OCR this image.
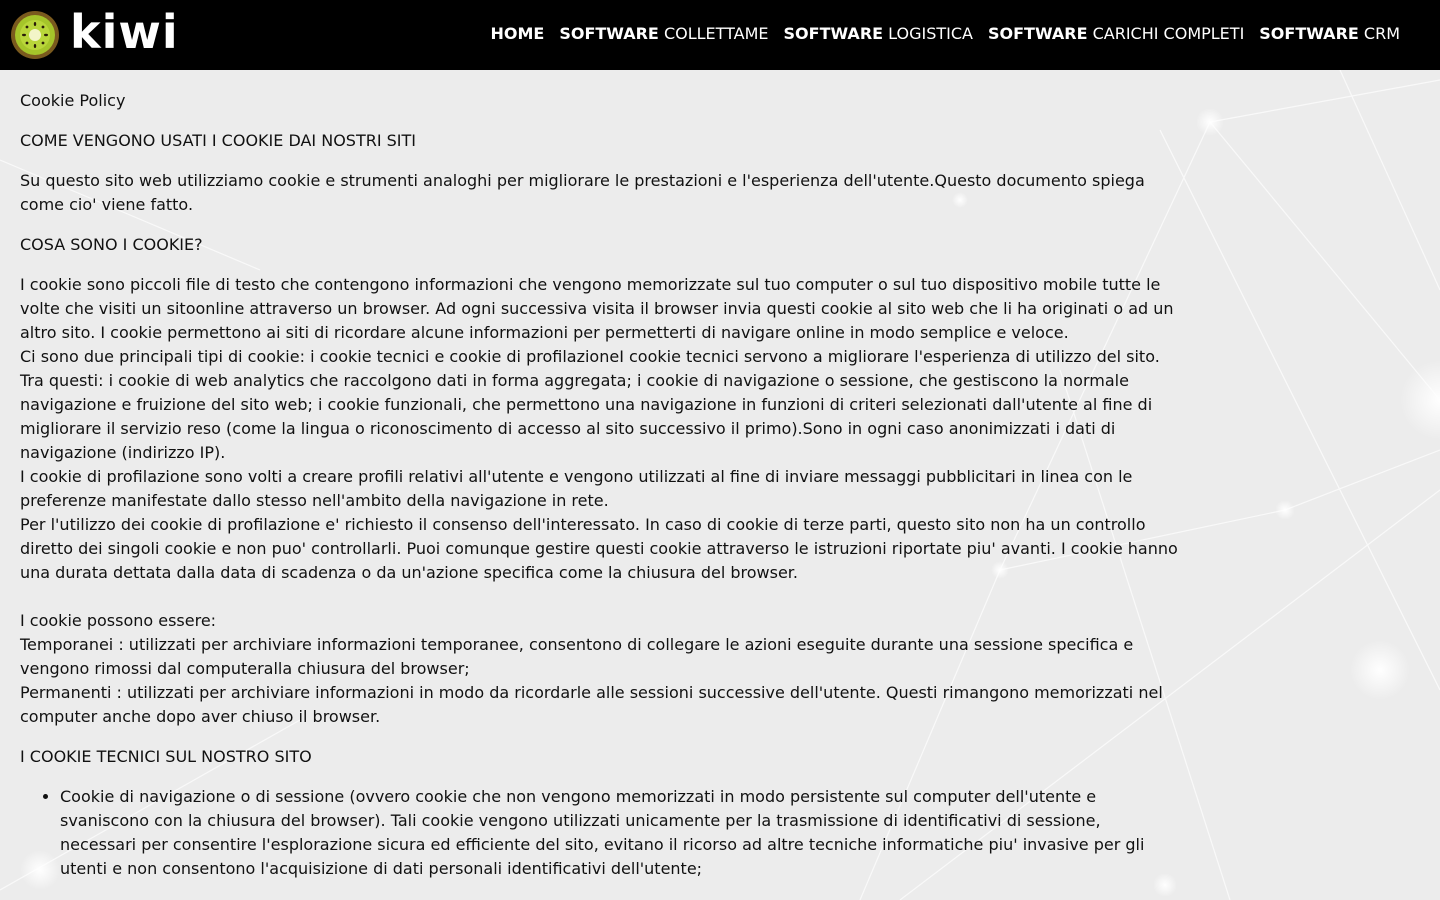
kiwi	HOME SOFTWARE COLLETTAME SOFTWARE LOGISTICA SOFTWARE CARICHI COMPLETI SOFTWARE CRM

Cookie Policy

COME VENGONO USATI I COOKIE DAI NOSTRI SITI

Su questo sito web utilizziamo cookie e strumenti analoghi per migliorare le prestazioni e l'esperienza dell'utente.Questo documento spiega come cio' viene fatto.

COSA SONO I COOKIE?

I cookie sono piccoli file di testo che contengono informazioni che vengono memorizzate sul tuo computer o sul tuo dispositivo mobile tutte le volte che visiti un sitoonline attraverso un browser. Ad ogni successiva visita il browser invia questi cookie al sito web che li ha originati o ad un altro sito. I cookie permettono ai siti di ricordare alcune informazioni per permetterti di navigare online in modo semplice e veloce.
Ci sono due principali tipi di cookie: i cookie tecnici e cookie di profilazioneI cookie tecnici servono a migliorare l'esperienza di utilizzo del sito. Tra questi: i cookie di web analytics che raccolgono dati in forma aggregata; i cookie di navigazione o sessione, che gestiscono la normale navigazione e fruizione del sito web; i cookie funzionali, che permettono una navigazione in funzioni di criteri selezionati dall'utente al fine di migliorare il servizio reso (come la lingua o riconoscimento di accesso al sito successivo il primo).Sono in ogni caso anonimizzati i dati di navigazione (indirizzo IP).
I cookie di profilazione sono volti a creare profili relativi all'utente e vengono utilizzati al fine di inviare messaggi pubblicitari in linea con le preferenze manifestate dallo stesso nell'ambito della navigazione in rete.
Per l'utilizzo dei cookie di profilazione e' richiesto il consenso dell'interessato. In caso di cookie di terze parti, questo sito non ha un controllo diretto dei singoli cookie e non puo' controllarli. Puoi comunque gestire questi cookie attraverso le istruzioni riportate piu' avanti. I cookie hanno una durata dettata dalla data di scadenza o da un'azione specifica come la chiusura del browser.

I cookie possono essere:
Temporanei : utilizzati per archiviare informazioni temporanee, consentono di collegare le azioni eseguite durante una sessione specifica e vengono rimossi dal computeralla chiusura del browser;
Permanenti : utilizzati per archiviare informazioni in modo da ricordarle alle sessioni successive dell'utente. Questi rimangono memorizzati nel computer anche dopo aver chiuso il browser.

I COOKIE TECNICI SUL NOSTRO SITO

• Cookie di navigazione o di sessione (ovvero cookie che non vengono memorizzati in modo persistente sul computer dell'utente e svaniscono con la chiusura del browser). Tali cookie vengono utilizzati unicamente per la trasmissione di identificativi di sessione, necessari per consentire l'esplorazione sicura ed efficiente del sito, evitano il ricorso ad altre tecniche informatiche piu' invasive per gli utenti e non consentono l'acquisizione di dati personali identificativi dell'utente;
